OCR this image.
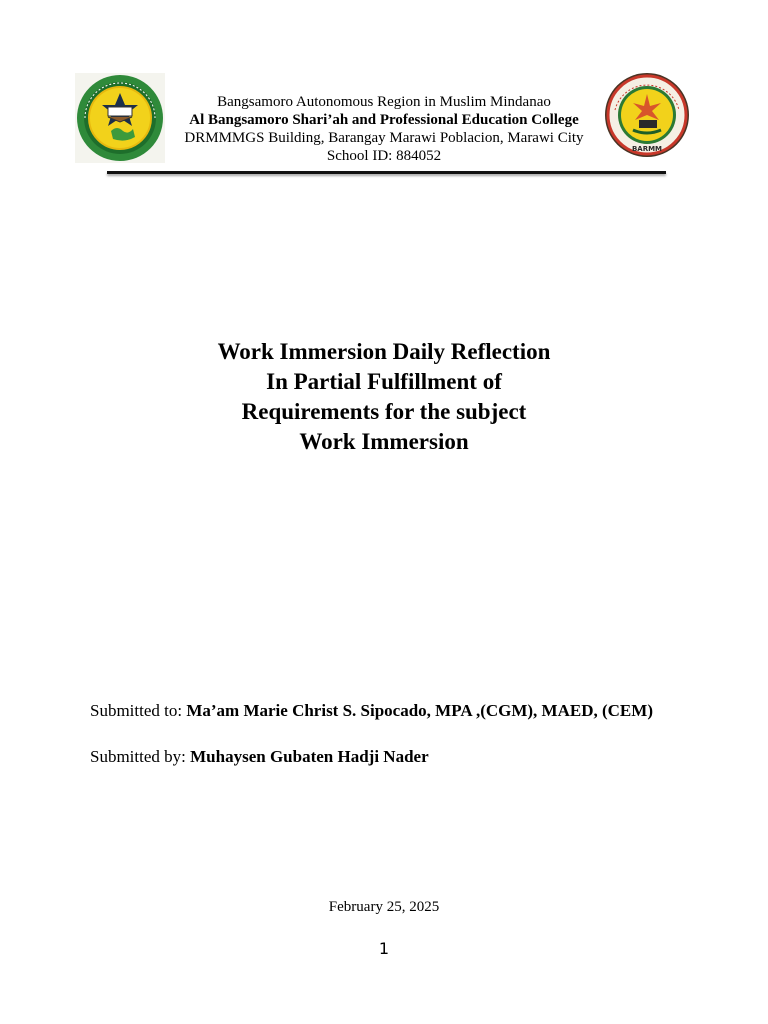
Bangsamoro Autonomous Region in Muslim Mindanao
Al Bangsamoro Shari’ah and Professional Education College
DRMMMGS Building, Barangay Marawi Poblacion, Marawi City
School ID: 884052	BARMM
Work Immersion Daily Reflection
In Partial Fulfillment of
Requirements for the subject
Work Immersion
Submitted to: Ma’am Marie Christ S. Sipocado, MPA ,(CGM), MAED, (CEM)
Submitted by: Muhaysen Gubaten Hadji Nader
February 25, 2025
1
